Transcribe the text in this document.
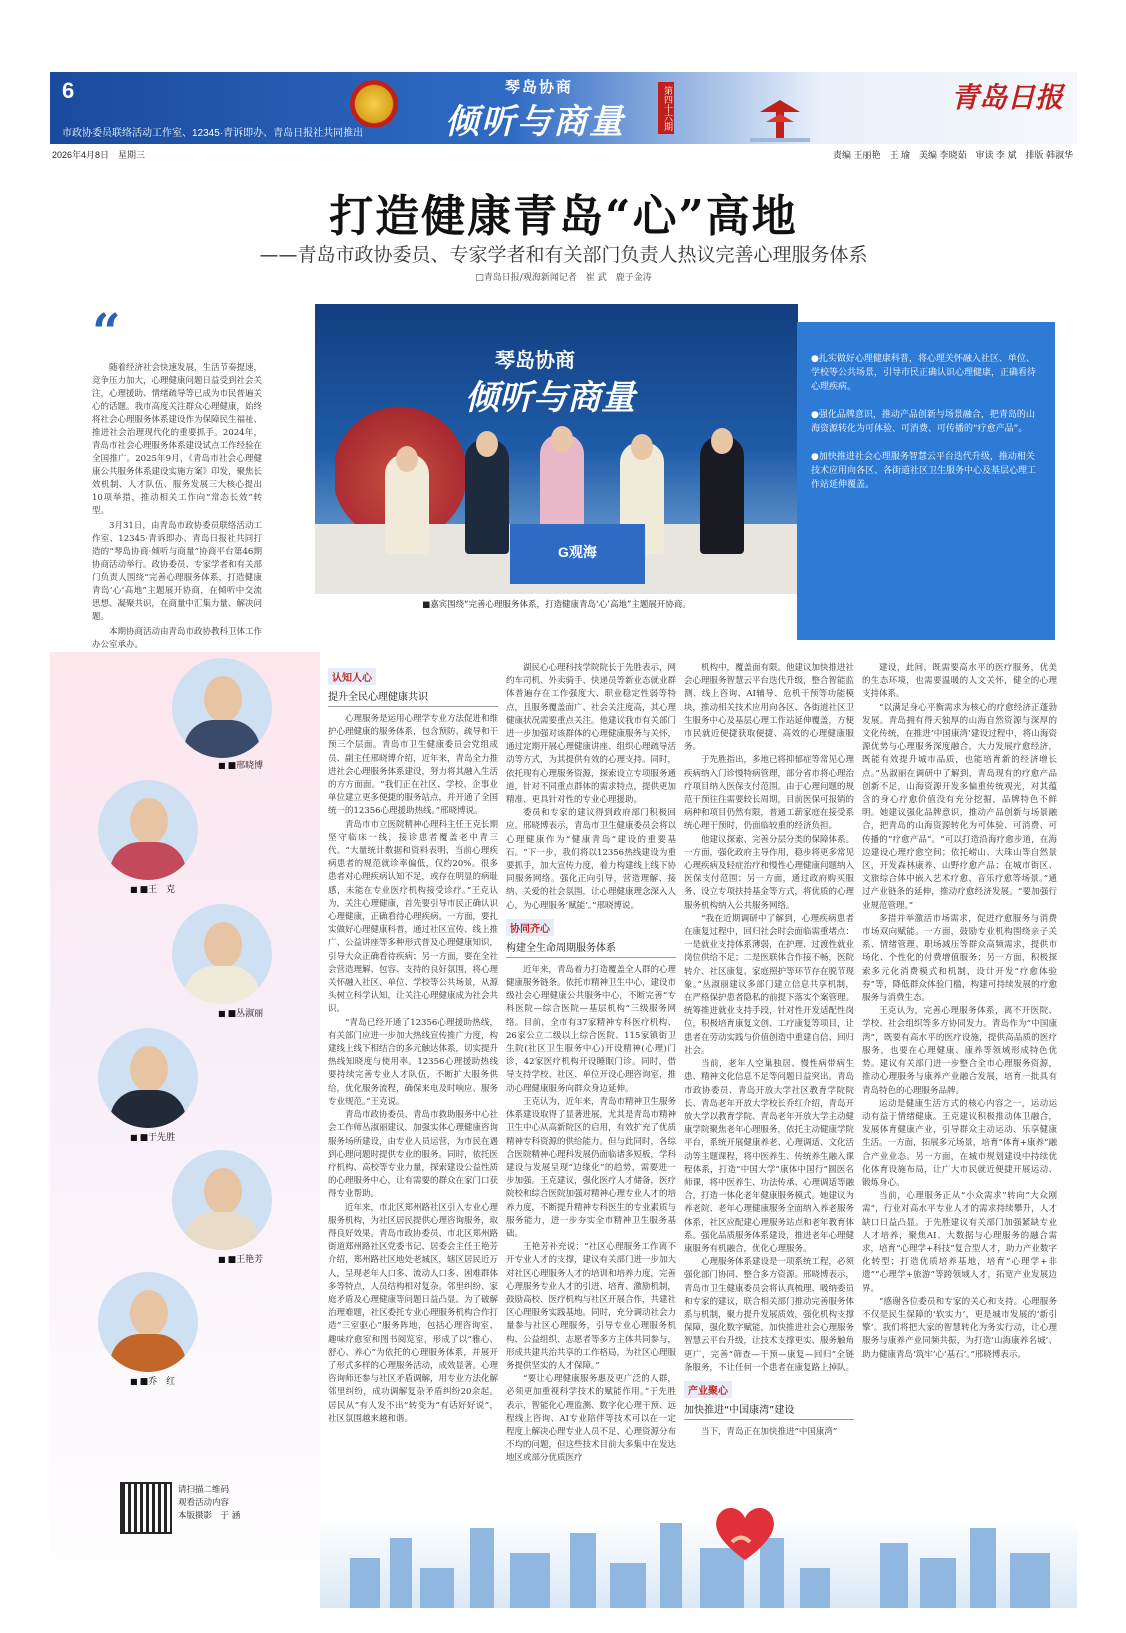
6
市政协委员联络活动工作室、12345·青诉即办、青岛日报社共同推出
琴岛协商
倾听与商量	第四十六期	青岛日报
2026年4月8日　星期三	责编 王丽艳　王 瑜　美编 李晓茹　审读 李 斌　排版 韩淑华
打造健康青岛“心”高地
——青岛市政协委员、专家学者和有关部门负责人热议完善心理服务体系
□青岛日报/观海新闻记者　崔 武　鹿子金涛
“

随着经济社会快速发展，生活节奏提速，竞争压力加大，心理健康问题日益受到社会关注，心理援助、情绪疏导等已成为市民普遍关心的话题。我市高度关注群众心理健康，始终将社会心理服务体系建设作为保障民生福祉、推进社会治理现代化的重要抓手。2024年，青岛市社会心理服务体系建设试点工作经验在全国推广。2025年9月，《青岛市社会心理健康公共服务体系建设实施方案》印发，聚焦长效机制、人才队伍、服务发展三大核心提出10项举措，推动相关工作向“常态长效”转型。

3月31日，由青岛市政协委员联络活动工作室、12345·青诉即办、青岛日报社共同打造的“琴岛协商·倾听与商量”协商平台第46期协商活动举行。政协委员、专家学者和有关部门负责人围绕“完善心理服务体系，打造健康青岛‘心’高地”主题展开协商，在倾听中交流思想、凝聚共识，在商量中汇集力量、解决问题。

本期协商活动由青岛市政协教科卫体工作办公室承办。

琴岛协商
倾听与商量
G观海
■嘉宾围绕“完善心理服务体系，打造健康青岛‘心’高地”主题展开协商。

●扎实做好心理健康科普，将心理关怀融入社区、单位、学校等公共场景，引导市民正确认识心理健康，正确看待心理疾病。

●强化品牌意识，推动产品创新与场景融合，把青岛的山海资源转化为可体验、可消费、可传播的“疗愈产品”。

●加快推进社会心理服务智慧云平台迭代升级，推动相关技术应用向各区、各街道社区卫生服务中心及基层心理工作站延伸覆盖。

■ ■邢晓博
■ ■王　克
■ ■丛淑丽
■ ■于先胜
■ ■王艳芳
■ ■乔　红
请扫描二维码
观看活动内容
本版摄影　于 涵
认知人心
提升全民心理健康共识

心理服务是运用心理学专业方法促进和维护心理健康的服务体系，包含预防、疏导和干预三个层面。青岛市卫生健康委员会党组成员、副主任邢晓博介绍，近年来，青岛全力推进社会心理服务体系建设，努力将其融入生活的方方面面。“我们正在社区、学校、企事业单位建立更多便捷的服务站点，并开通了全国统一的12356心理援助热线。”邢晓博说。

青岛市市立医院精神心理科主任王克长期坚守临床一线，接诊患者覆盖老中青三代。“大量统计数据和资料表明，当前心理疾病患者的规范就诊率偏低，仅约20%。很多患者对心理疾病认知不足，或存在明显的病耻感，未能在专业医疗机构接受诊疗。”王克认为，关注心理健康，首先要引导市民正确认识心理健康，正确看待心理疾病。一方面，要扎实做好心理健康科普，通过社区宣传、线上推广、公益讲座等多种形式普及心理健康知识，引导大众正确看待疾病；另一方面，要在全社会营造理解、包容、支持的良好氛围，将心理关怀融入社区、单位、学校等公共场景，从源头树立科学认知，让关注心理健康成为社会共识。

“青岛已经开通了12356心理援助热线，有关部门应进一步加大热线宣传推广力度，构建线上线下相结合的多元触达体系，切实提升热线知晓度与使用率。12356心理援助热线要持续完善专业人才队伍，不断扩大服务供给，优化服务流程，确保来电及时响应、服务专业规范。”王克说。

青岛市政协委员、青岛市救助服务中心社会工作师丛淑丽建议，加强实体心理健康咨询服务场所建设，由专业人员运营，为市民在遇到心理问题时提供专业的服务。同时，依托医疗机构、高校等专业力量，探索建设公益性质的心理服务中心，让有需要的群众在家门口获得专业帮助。

近年来，市北区郑州路社区引入专业心理服务机构，为社区居民提供心理咨询服务，取得良好效果。青岛市政协委员、市北区郑州路街道郑州路社区党委书记、居委会主任王艳芳介绍，郑州路社区地处老城区，辖区居民近万人，呈现老年人口多、流动人口多、困难群体多等特点，人员结构相对复杂。邻里纠纷、家庭矛盾及心理健康等问题日益凸显。为了破解治理难题，社区委托专业心理服务机构合作打造“三室驱心”服务阵地，包括心理咨询室、趣味疗愈室和图书阅览室，形成了以“雅心、舒心、养心”为依托的心理服务体系，并展开了形式多样的心理服务活动，成效显著。心理咨询师还参与社区矛盾调解，用专业方法化解邻里纠纷，成功调解复杂矛盾纠纷20余起。居民从“有人发不出”转变为“有话好好说”，社区氛围越来越和谐。

湖民心心理科技学院院长于先胜表示，网约车司机、外卖骑手、快递员等新业态就业群体普遍存在工作强度大、职业稳定性弱等特点，且服务覆盖面广、社会关注度高，其心理健康状况需要重点关注。他建议我市有关部门进一步加强对该群体的心理健康服务与关怀，通过定期开展心理健康讲座、组织心理疏导活动等方式，为其提供有效的心理支持。同时，依托现有心理服务资源，探索设立专项服务通道，针对不同重点群体的需求特点，提供更加精准、更具针对性的专业心理援助。

委员和专家的建议得到政府部门积极回应。邢晓博表示，青岛市卫生健康委员会将以心理健康作为“健康青岛”建设的重要基石。“下一步，我们将以12356热线建设为重要抓手，加大宣传力度，着力构建线上线下协同服务网络。强化正向引导，营造理解、接纳、关爱的社会氛围，让心理健康理念深入人心，为心理服务‘赋能’。”邢晓博说。

协同齐心
构建全生命周期服务体系

近年来，青岛着力打造覆盖全人群的心理健康服务链条。依托市精神卫生中心，建设市级社会心理健康公共服务中心，不断完善“专科医院—综合医院—基层机构”三级服务网络。目前，全市有37家精神专科医疗机构、26家公立二级以上综合医院、115家镇街卫生院(社区卫生服务中心)开设精神(心理)门诊，42家医疗机构开设睡眠门诊。同时，借导支持学校、社区、单位开设心理咨询室，推动心理健康服务向群众身边延伸。

王克认为，近年来，青岛市精神卫生服务体系建设取得了显著进展，尤其是青岛市精神卫生中心从高新院区的启用，有效扩充了优质精神专科资源的供给能力。但与此同时，各综合医院精神心理科发展仍面临诸多短板，学科建设与发展呈现“边缘化”的趋势，需要进一步加强。王克建议，强化医疗人才储备，医疗院校和综合医院加强对精神心理专业人才的培养力度，不断提升精神专科医生的专业素质与服务能力，进一步夯实全市精神卫生服务基础。

王艳芳补充说：“社区心理服务工作离不开专业人才的支撑，建议有关部门进一步加大对社区心理服务人才的培训和培养力度，完善心理服务专业人才的引进、培育、激励机制，鼓励高校、医疗机构与社区开展合作，共建社区心理服务实践基地。同时，充分调动社会力量参与社区心理服务，引导专业心理服务机构、公益组织、志愿者等多方主体共同参与，形成共建共治共享的工作格局，为社区心理服务提供坚实的人才保障。”

“要让心理健康服务惠及更广泛的人群，必须更加重视科学技术的赋能作用。”于先胜表示，智能化心理监测、数字化心理干预、远程线上咨询、AI专业陪伴等技术可以在一定程度上解决心理专业人员不足、心理资源分布不均的问题，但这些技术目前大多集中在发达地区或部分优质医疗

机构中，覆盖面有限。他建议加快推进社会心理服务智慧云平台迭代升级，整合智能监测、线上咨询、AI辅导、危机干预等功能模块，推动相关技术应用向各区、各街道社区卫生服务中心及基层心理工作站延伸覆盖，方便市民就近便捷获取便捷、高效的心理健康服务。

于先胜指出，多地已将抑郁症等常见心理疾病纳入门诊慢特病管理，部分省市将心理治疗项目纳入医保支付范围。由于心理问题的规范干预往往需要较长周期，目前医保可报销的病种和项目仍然有限，普通工薪家庭在接受系统心理干预时，仍面临较重的经济负担。

他建议探索、完善分层分类的保障体系。一方面，强化政府主导作用，稳步将更多常见心理疾病及轻症治疗和慢性心理健康问题纳入医保支付范围；另一方面，通过政府购买服务、设立专项扶持基金等方式，将优质的心理服务机构纳入公共服务网络。

“我在近期调研中了解到，心理疾病患者在康复过程中，回归社会时会面临需重堵点：一是就业支持体系薄弱，在护理、过渡性就业岗位供给不足；二是医联体合作接不畅，医院转介、社区康复、家庭照护等环节存在脱节现象。”丛淑丽建议多部门建立信息共享机制，在严格保护患者隐私的前提下落实个案管理。统筹推进就业支持手段，针对性开发适配性岗位，积极培育康复文创、工疗康复等项目，让患者在劳动实践与价值创造中重建自信、回归社会。

当前，老年人空巢独居、慢性病带病生患、精神文化信息不足等问题日益突出。青岛市政协委员、青岛开放大学社区教育学院院长、青岛老年开放大学校长乔红介绍，青岛开放大学以教育学院、青岛老年开放大学主动健康学院聚焦老年心理服务，依托主动健康学院平台，系统开展健康养老、心理调适、文化活动等主题课程，将中医养生、传统养生融入课程体系，打造“中国大学”康体中国行”圆医名师课，将中医养生、功法传承、心理调适等融合，打造一体化老年健康服务模式。她建议为养老院、老年心理健康服务全面纳入养老服务体系，社区应配建心理服务站点和老年教育体系。强化品质服务体系建设，推进老年心理健康服务有机融合，优化心理服务。

心理服务体系建设是一项系统工程，必须强化部门协同、整合多方资源。邢晓博表示，青岛市卫生健康委员会将认真梳理、吸纳委员和专家的建议，联合相关部门推动完善服务体系与机制，聚力提升发展质效，强化机构支撑保障，强化数字赋能，加快推进社会心理服务智慧云平台升级，让技术支撑更实、服务触角更广，完善“筛查—干预—康复—回归”全链条服务，不让任何一个患者在康复路上掉队。

产业聚心
加快推进“中国康湾”建设

当下，青岛正在加快推进“中国康湾”

建设，此间，既需要高水平的医疗服务，优美的生态环境，也需要温暖的人文关怀，健全的心理支持体系。

“以满足身心平衡需求为核心的疗愈经济正蓬勃发展。青岛拥有得天独厚的山海自然资源与深厚的文化传统，在推进‘中国康湾’建设过程中，将山海资源优势与心理服务深度融合，大力发展疗愈经济，既能有效提升城市品质，也能培育新的经济增长点。”丛淑丽在调研中了解到，青岛现有的疗愈产品创新不足，山海资源开发多偏重传统观光，对其蕴含的身心疗愈价值没有充分挖掘，品牌特色不鲜明。她建议强化品牌意识，推动产品创新与场景融合，把青岛的山海资源转化为可体验、可消费、可传播的“疗愈产品”。“可以打造沿海疗愈步道，在海边建设心理疗愈空间；依托崂山、大珠山等自然景区，开发森林康养、山野疗愈产品；在城市街区、文旅综合体中嵌入艺术疗愈、音乐疗愈等场景。”通过产业链条的延伸，推动疗愈经济发展。“要加强行业规范管理。”

多措并举激活市场需求，促进疗愈服务与消费市场双向赋能。一方面，鼓励专业机构围绕亲子关系、情绪管理、职场减压等群众高频需求，提供市场化、个性化的付费增值服务；另一方面，积极探索多元化消费模式和机制，设计开发“疗愈体验券”等，降低群众体验门槛，构建可持续发展的疗愈服务与消费生态。

王克认为，完善心理服务体系，离不开医院、学校、社会组织等多方协同发力。青岛作为“中国康湾”，既要有高水平的医疗设施，提供高品质的医疗服务，也要在心理健康、康养等领域形成特色优势。建议有关部门进一步整合全市心理服务资源，推动心理服务与康养产业融合发展，培育一批具有青岛特色的心理服务品牌。

运动是健康生活方式的核心内容之一，运动运动有益于情绪健康。王克建议积极推动体卫融合，发展体育健康产业，引导群众主动运动、乐享健康生活。一方面，拓展多元场景，培育“体育+康养”融合产业业态。另一方面，在城市规划建设中持续优化体育设施布局，让广大市民就近便捷开展运动、锻炼身心。

当前，心理服务正从“小众需求”转向“大众刚需”，行业对高水平专业人才的需求持续攀升，人才缺口日益凸显。于先胜建议有关部门加强紧缺专业人才培养，聚焦AI、大数据与心理服务的融合需求，培育“心理学+科技”复合型人才，助力产业数字化转型；打造优质培养基地，培育“心理学+非遗”“心理学+旅游”等跨领域人才，拓宽产业发展边界。

“感谢各位委员和专家的关心和支持。心理服务不仅是民生保障的‘软实力’，更是城市发展的‘新引擎’。我们将把大家的智慧转化为务实行动，让心理服务与康养产业同频共振，为打造‘山海康养名城’、助力健康青岛‘筑牢’心‘基石’。”邢晓博表示。
